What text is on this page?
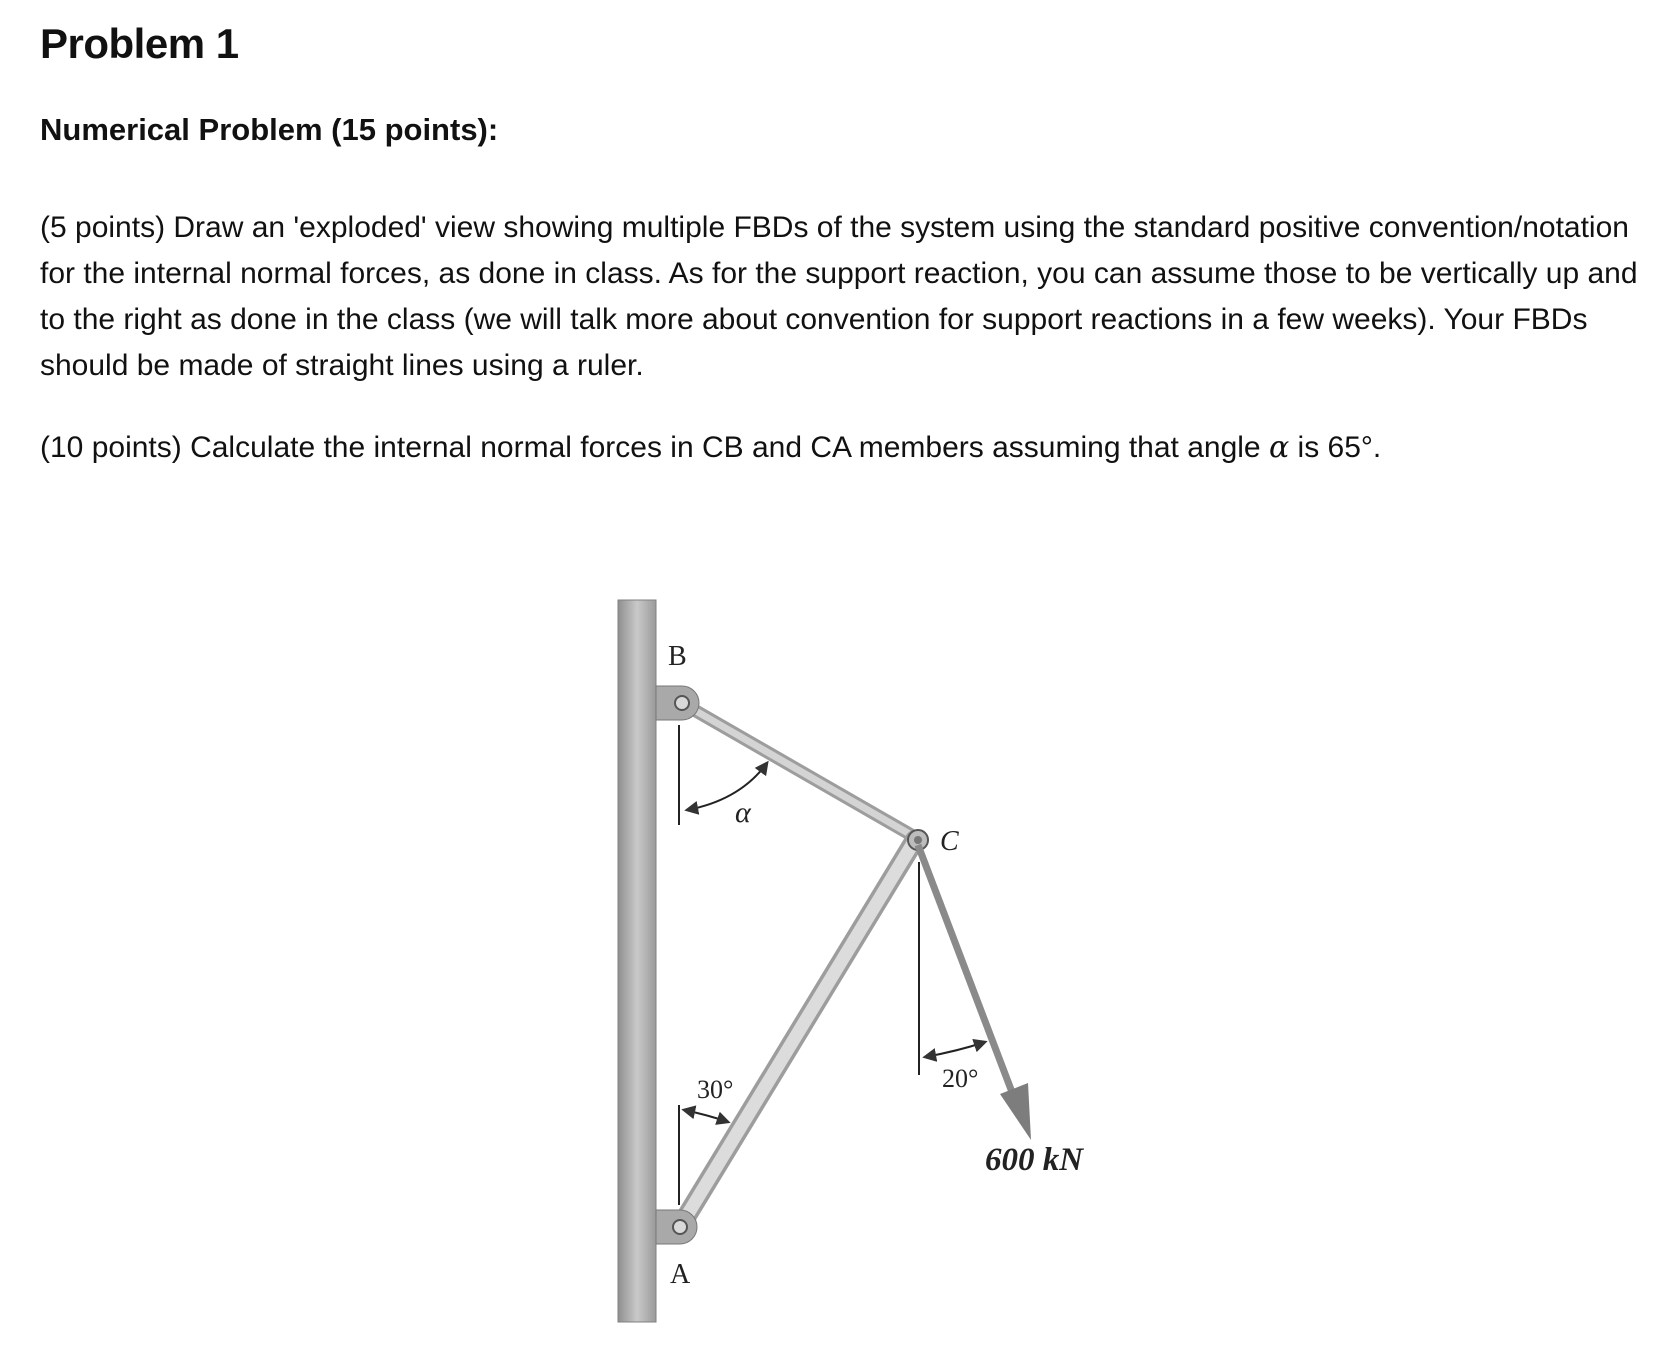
Problem 1
Numerical Problem (15 points):

(5 points) Draw an 'exploded' view showing multiple FBDs of the system using the standard positive convention/notation for the internal normal forces, as done in class. As for the support reaction, you can assume those to be vertically up and to the right as done in the class (we will talk more about convention for support reactions in a few weeks). Your FBDs should be made of straight lines using a ruler.

(10 points) Calculate the internal normal forces in CB and CA members assuming that angle α is 65°.

B
C
A
α
30°	20°
600 kN
